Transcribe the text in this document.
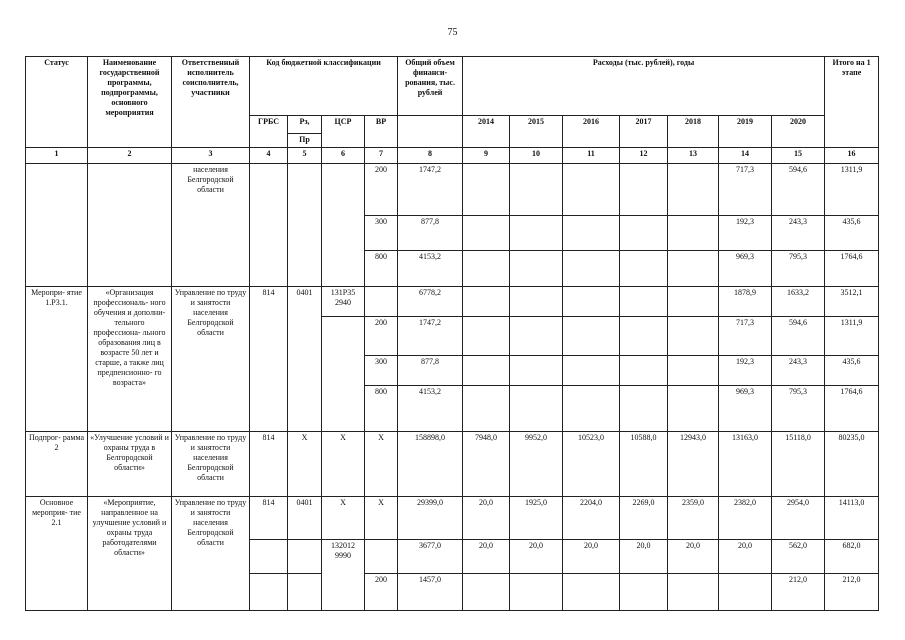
75
Статус	Наименование государственной программы, подпрограммы, основного мероприятия	Ответственный исполнитель соисполнитель, участники	Код бюджетной классификации				Общий объем финанси- рования, тыс. рублей	Расходы (тыс. рублей), годы							Итого на 1 этапе
			ГРБС	Рз,	ЦСР	ВР		2014	2015	2016	2017	2018	2019	2020	
				Пр											
1	2	3	4	5	6	7	8	9	10	11	12	13	14	15	16
		населения Белгородской области				200	1747,2						717,3	594,6	1311,9
						300	877,8						192,3	243,3	435,6
						800	4153,2						969,3	795,3	1764,6
Меропри- ятие 1.Р3.1.	«Организация профессиональ- ного обучения и дополни- тельного профессиона- льного образования лиц в возрасте 50 лет и старше, а также лиц предпенсионно- го возраста»	Управление по труду и занятости населения Белгородской области	814	0401	131Р35 2940		6778,2						1878,9	1633,2	3512,1
						200	1747,2						717,3	594,6	1311,9
						300	877,8						192,3	243,3	435,6
						800	4153,2						969,3	795,3	1764,6
Подпрог- рамма 2	«Улучшение условий и охраны труда в Белгородской области»	Управление по труду и занятости населения Белгородской области	814	X	X	X	158898,0	7948,0	9952,0	10523,0	10588,0	12943,0	13163,0	15118,0	80235,0
Основное мероприя- тие 2.1	«Мероприятие, направленное на улучшение условий и охраны труда работодателями области»	Управление по труду и занятости населения Белгородской области	814	0401	X	X	29399,0	20,0	1925,0	2204,0	2269,0	2359,0	2382,0	2954,0	14113,0
					132012 9990		3677,0	20,0	20,0	20,0	20,0	20,0	20,0	562,0	682,0
						200	1457,0							212,0	212,0
